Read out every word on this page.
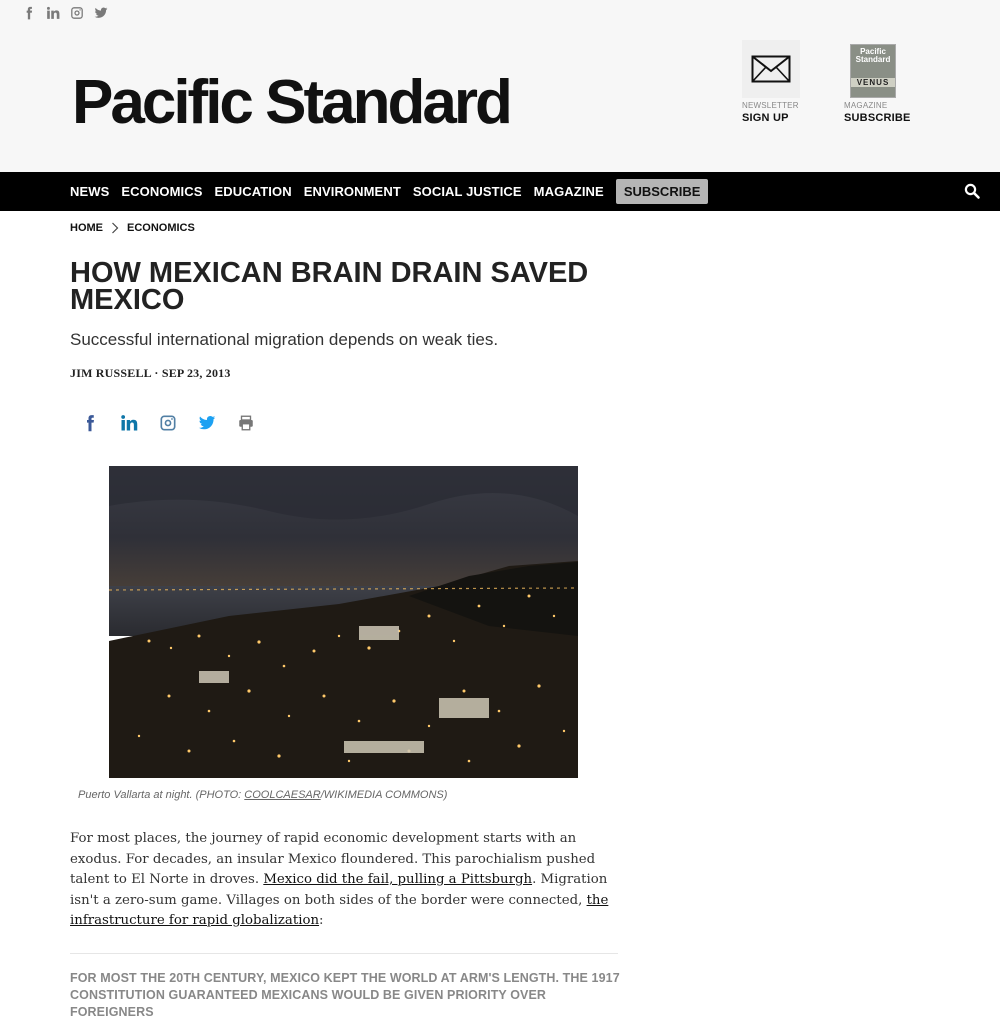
Pacific Standard	NEWSLETTER
SIGN UP
Pacific Standard
VENUS
MAGAZINE
SUBSCRIBE
NEWS ECONOMICS EDUCATION ENVIRONMENT SOCIAL JUSTICE MAGAZINE	SUBSCRIBE
HOME ECONOMICS
HOW MEXICAN BRAIN DRAIN SAVED MEXICO
Successful international migration depends on weak ties.
JIM RUSSELL · SEP 23, 2013
Puerto Vallarta at night. (PHOTO: COOLCAESAR/WIKIMEDIA COMMONS)

For most places, the journey of rapid economic development starts with an exodus. For decades, an insular Mexico floundered. This parochialism pushed talent to El Norte in droves. Mexico did the fail, pulling a Pittsburgh. Migration isn't a zero-sum game. Villages on both sides of the border were connected, the infrastructure for rapid globalization:

FOR MOST THE 20TH CENTURY, MEXICO KEPT THE WORLD AT ARM'S LENGTH. THE 1917 CONSTITUTION GUARANTEED MEXICANS WOULD BE GIVEN PRIORITY OVER FOREIGNERS
